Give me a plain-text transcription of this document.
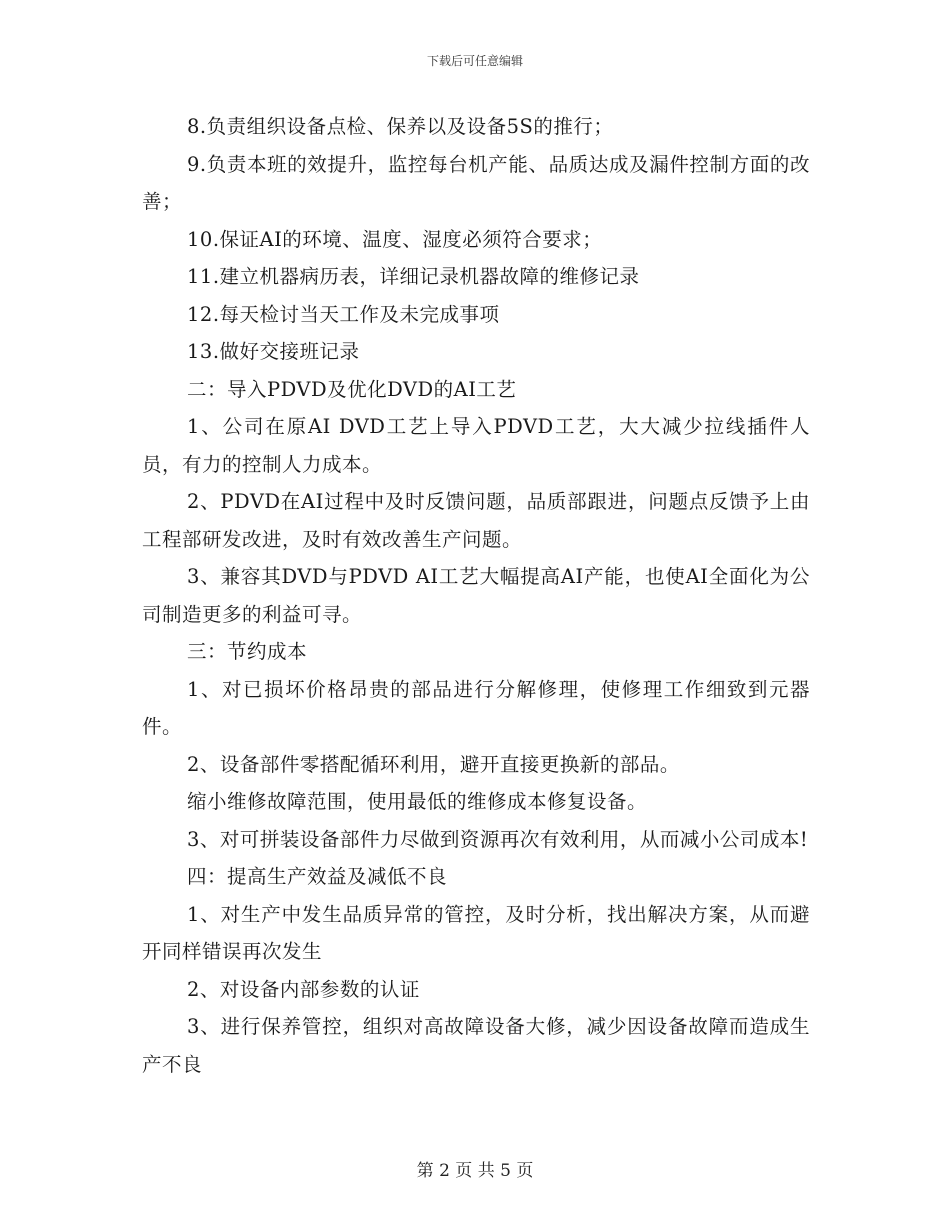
下载后可任意编辑

8.负责组织设备点检、保养以及设备5S的推行；

9.负责本班的效提升，监控每台机产能、品质达成及漏件控制方面的改善；

10.保证AI的环境、温度、湿度必须符合要求；

11.建立机器病历表，详细记录机器故障的维修记录

12.每天检讨当天工作及未完成事项

13.做好交接班记录

二：导入PDVD及优化DVD的AI工艺

1、公司在原AI DVD工艺上导入PDVD工艺，大大减少拉线插件人员，有力的控制人力成本。

2、PDVD在AI过程中及时反馈问题，品质部跟进，问题点反馈予上由工程部研发改进，及时有效改善生产问题。

3、兼容其DVD与PDVD AI工艺大幅提高AI产能，也使AI全面化为公司制造更多的利益可寻。

三：节约成本

1、对已损坏价格昂贵的部品进行分解修理，使修理工作细致到元器件。

2、设备部件零搭配循环利用，避开直接更换新的部品。

缩小维修故障范围，使用最低的维修成本修复设备。

3、对可拼装设备部件力尽做到资源再次有效利用，从而减小公司成本!

四：提高生产效益及减低不良

1、对生产中发生品质异常的管控，及时分析，找出解决方案，从而避开同样错误再次发生

2、对设备内部参数的认证

3、进行保养管控，组织对高故障设备大修，减少因设备故障而造成生产不良

第 2 页 共 5 页
